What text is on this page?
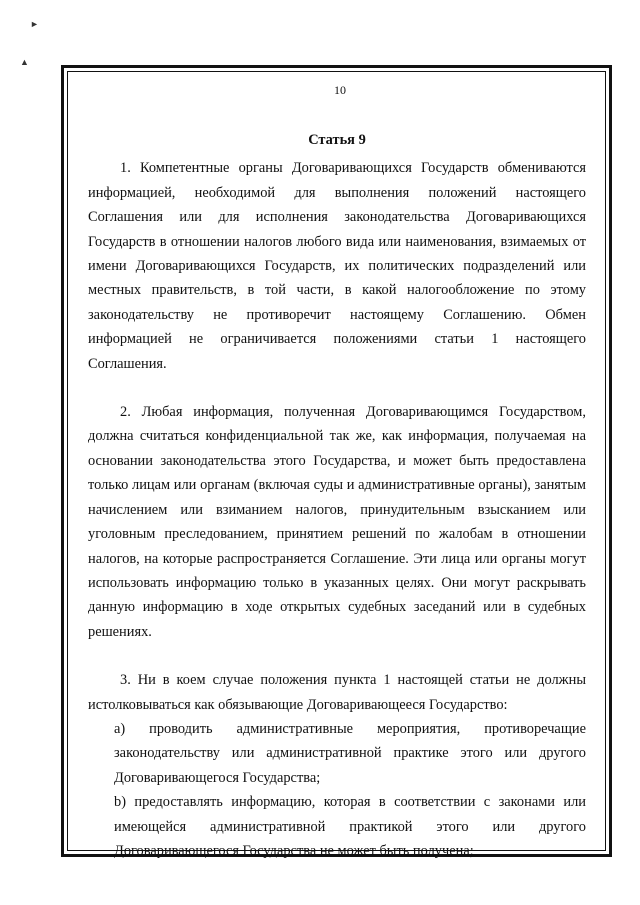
►
▲
10

Статья 9

1. Компетентные органы Договаривающихся Государств обмениваются информацией, необходимой для выполнения положений настоящего Соглашения или для исполнения законодательства Договаривающихся Государств в отношении налогов любого вида или наименования, взимаемых от имени Договаривающихся Государств, их политических подразделений или местных правительств, в той части, в какой налогообложение по этому законодательству не противоречит настоящему Соглашению. Обмен информацией не ограничивается положениями статьи 1 настоящего Соглашения.

2. Любая информация, полученная Договаривающимся Государством, должна считаться конфиденциальной так же, как информация, получаемая на основании законодательства этого Государства, и может быть предоставлена только лицам или органам (включая суды и административные органы), занятым начислением или взиманием налогов, принудительным взысканием или уголовным преследованием, принятием решений по жалобам в отношении налогов, на которые распространяется Соглашение. Эти лица или органы могут использовать информацию только в указанных целях. Они могут раскрывать данную информацию в ходе открытых судебных заседаний или в судебных решениях.

3. Ни в коем случае положения пункта 1 настоящей статьи не должны истолковываться как обязывающие Договаривающееся Государство:

a) проводить административные мероприятия, противоречащие законодательству или административной практике этого или другого Договаривающегося Государства;

b) предоставлять информацию, которая в соответствии с законами или имеющейся административной практикой этого или другого Договаривающегося Государства не может быть получена;
